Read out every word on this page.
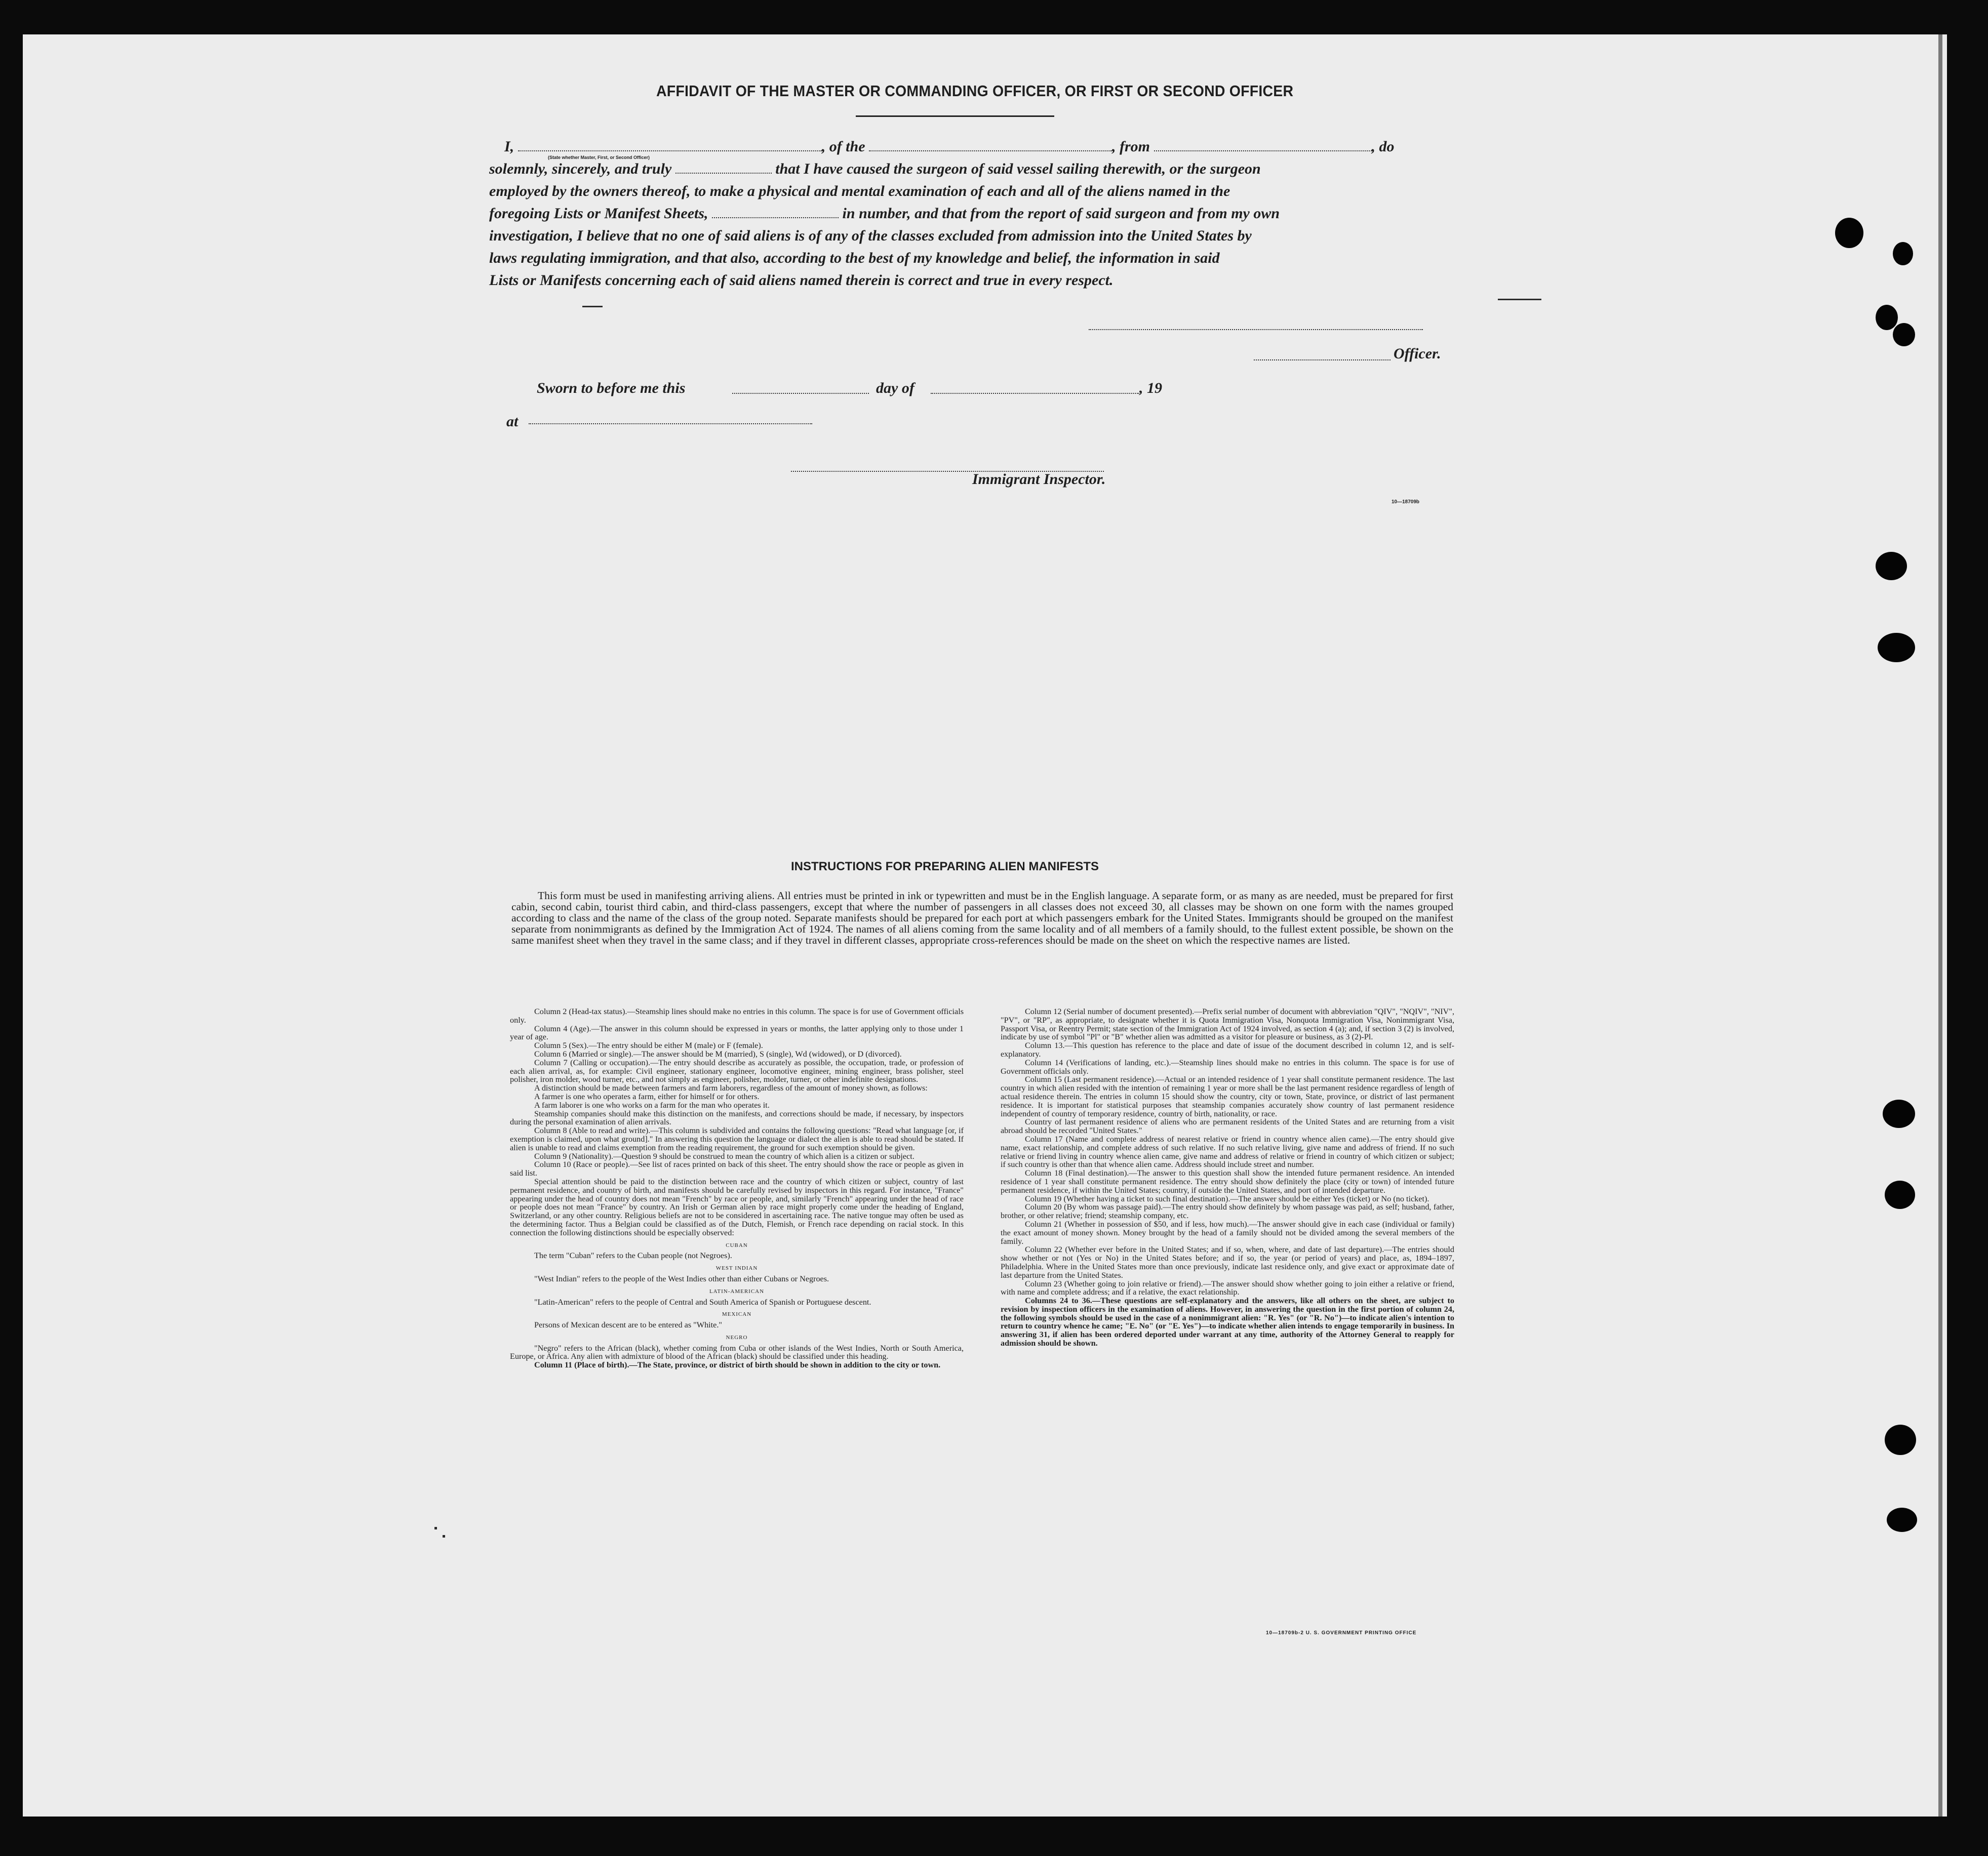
AFFIDAVIT OF THE MASTER OR COMMANDING OFFICER, OR FIRST OR SECOND OFFICER
(State whether Master, First, or Second Officer)

I,	, of the	, from	, do

solemnly, sincerely, and truly	that I have caused the surgeon of said vessel sailing therewith, or the surgeon

employed by the owners thereof, to make a physical and mental examination of each and all of the aliens named in the

foregoing Lists or Manifest Sheets,	in number, and that from the report of said surgeon and from my own

investigation, I believe that no one of said aliens is of any of the classes excluded from admission into the United States by

laws regulating immigration, and that also, according to the best of my knowledge and belief, the information in said

Lists or Manifests concerning each of said aliens named therein is correct and true in every respect.

Officer.
Sworn to before me this	day of	, 19
at
Immigrant Inspector.
10—18709b
INSTRUCTIONS FOR PREPARING ALIEN MANIFESTS

This form must be used in manifesting arriving aliens. All entries must be printed in ink or typewritten and must be in the English language. A separate form, or as many as are needed, must be prepared for first cabin, second cabin, tourist third cabin, and third-class passengers, except that where the number of passengers in all classes does not exceed 30, all classes may be shown on one form with the names grouped according to class and the name of the class of the group noted. Separate manifests should be prepared for each port at which passengers embark for the United States. Immigrants should be grouped on the manifest separate from nonimmigrants as defined by the Immigration Act of 1924. The names of all aliens coming from the same locality and of all members of a family should, to the fullest extent possible, be shown on the same manifest sheet when they travel in the same class; and if they travel in different classes, appropriate cross-references should be made on the sheet on which the respective names are listed.

Column 2 (Head-tax status).—Steamship lines should make no entries in this column. The space is for use of Government officials only.

Column 4 (Age).—The answer in this column should be expressed in years or months, the latter applying only to those under 1 year of age.

Column 5 (Sex).—The entry should be either M (male) or F (female).

Column 6 (Married or single).—The answer should be M (married), S (single), Wd (widowed), or D (divorced).

Column 7 (Calling or occupation).—The entry should describe as accurately as possible, the occupation, trade, or profession of each alien arrival, as, for example: Civil engineer, stationary engineer, locomotive engineer, mining engineer, brass polisher, steel polisher, iron molder, wood turner, etc., and not simply as engineer, polisher, molder, turner, or other indefinite designations.

A distinction should be made between farmers and farm laborers, regardless of the amount of money shown, as follows:

A farmer is one who operates a farm, either for himself or for others.

A farm laborer is one who works on a farm for the man who operates it.

Steamship companies should make this distinction on the manifests, and corrections should be made, if necessary, by inspectors during the personal examination of alien arrivals.

Column 8 (Able to read and write).—This column is subdivided and contains the following questions: "Read what language [or, if exemption is claimed, upon what ground]." In answering this question the language or dialect the alien is able to read should be stated. If alien is unable to read and claims exemption from the reading requirement, the ground for such exemption should be given.

Column 9 (Nationality).—Question 9 should be construed to mean the country of which alien is a citizen or subject.

Column 10 (Race or people).—See list of races printed on back of this sheet. The entry should show the race or people as given in said list.

Special attention should be paid to the distinction between race and the country of which citizen or subject, country of last permanent residence, and country of birth, and manifests should be carefully revised by inspectors in this regard. For instance, "France" appearing under the head of country does not mean "French" by race or people, and, similarly "French" appearing under the head of race or people does not mean "France" by country. An Irish or German alien by race might properly come under the heading of England, Switzerland, or any other country. Religious beliefs are not to be considered in ascertaining race. The native tongue may often be used as the determining factor. Thus a Belgian could be classified as of the Dutch, Flemish, or French race depending on racial stock. In this connection the following distinctions should be especially observed:

CUBAN

The term "Cuban" refers to the Cuban people (not Negroes).

WEST INDIAN

"West Indian" refers to the people of the West Indies other than either Cubans or Negroes.

LATIN-AMERICAN

"Latin-American" refers to the people of Central and South America of Spanish or Portuguese descent.

MEXICAN

Persons of Mexican descent are to be entered as "White."

NEGRO

"Negro" refers to the African (black), whether coming from Cuba or other islands of the West Indies, North or South America, Europe, or Africa. Any alien with admixture of blood of the African (black) should be classified under this heading.

Column 11 (Place of birth).—The State, province, or district of birth should be shown in addition to the city or town.

Column 12 (Serial number of document presented).—Prefix serial number of document with abbreviation "QIV", "NQIV", "NIV", "PV", or "RP", as appropriate, to designate whether it is Quota Immigration Visa, Nonquota Immigration Visa, Nonimmigrant Visa, Passport Visa, or Reentry Permit; state section of the Immigration Act of 1924 involved, as section 4 (a); and, if section 3 (2) is involved, indicate by use of symbol "Pl" or "B" whether alien was admitted as a visitor for pleasure or business, as 3 (2)-Pl.

Column 13.—This question has reference to the place and date of issue of the document described in column 12, and is self-explanatory.

Column 14 (Verifications of landing, etc.).—Steamship lines should make no entries in this column. The space is for use of Government officials only.

Column 15 (Last permanent residence).—Actual or an intended residence of 1 year shall constitute permanent residence. The last country in which alien resided with the intention of remaining 1 year or more shall be the last permanent residence regardless of length of actual residence therein. The entries in column 15 should show the country, city or town, State, province, or district of last permanent residence. It is important for statistical purposes that steamship companies accurately show country of last permanent residence independent of country of temporary residence, country of birth, nationality, or race.

Country of last permanent residence of aliens who are permanent residents of the United States and are returning from a visit abroad should be recorded "United States."

Column 17 (Name and complete address of nearest relative or friend in country whence alien came).—The entry should give name, exact relationship, and complete address of such relative. If no such relative living, give name and address of friend. If no such relative or friend living in country whence alien came, give name and address of relative or friend in country of which citizen or subject; if such country is other than that whence alien came. Address should include street and number.

Column 18 (Final destination).—The answer to this question shall show the intended future permanent residence. An intended residence of 1 year shall constitute permanent residence. The entry should show definitely the place (city or town) of intended future permanent residence, if within the United States; country, if outside the United States, and port of intended departure.

Column 19 (Whether having a ticket to such final destination).—The answer should be either Yes (ticket) or No (no ticket).

Column 20 (By whom was passage paid).—The entry should show definitely by whom passage was paid, as self; husband, father, brother, or other relative; friend; steamship company, etc.

Column 21 (Whether in possession of $50, and if less, how much).—The answer should give in each case (individual or family) the exact amount of money shown. Money brought by the head of a family should not be divided among the several members of the family.

Column 22 (Whether ever before in the United States; and if so, when, where, and date of last departure).—The entries should show whether or not (Yes or No) in the United States before; and if so, the year (or period of years) and place, as, 1894–1897, Philadelphia. Where in the United States more than once previously, indicate last residence only, and give exact or approximate date of last departure from the United States.

Column 23 (Whether going to join relative or friend).—The answer should show whether going to join either a relative or friend, with name and complete address; and if a relative, the exact relationship.

Columns 24 to 36.—These questions are self-explanatory and the answers, like all others on the sheet, are subject to revision by inspection officers in the examination of aliens. However, in answering the question in the first portion of column 24, the following symbols should be used in the case of a nonimmigrant alien: "R. Yes" (or "R. No")—to indicate alien's intention to return to country whence he came; "E. No" (or "E. Yes")—to indicate whether alien intends to engage temporarily in business. In answering 31, if alien has been ordered deported under warrant at any time, authority of the Attorney General to reapply for admission should be shown.

10—18709b-2 U. S. GOVERNMENT PRINTING OFFICE
